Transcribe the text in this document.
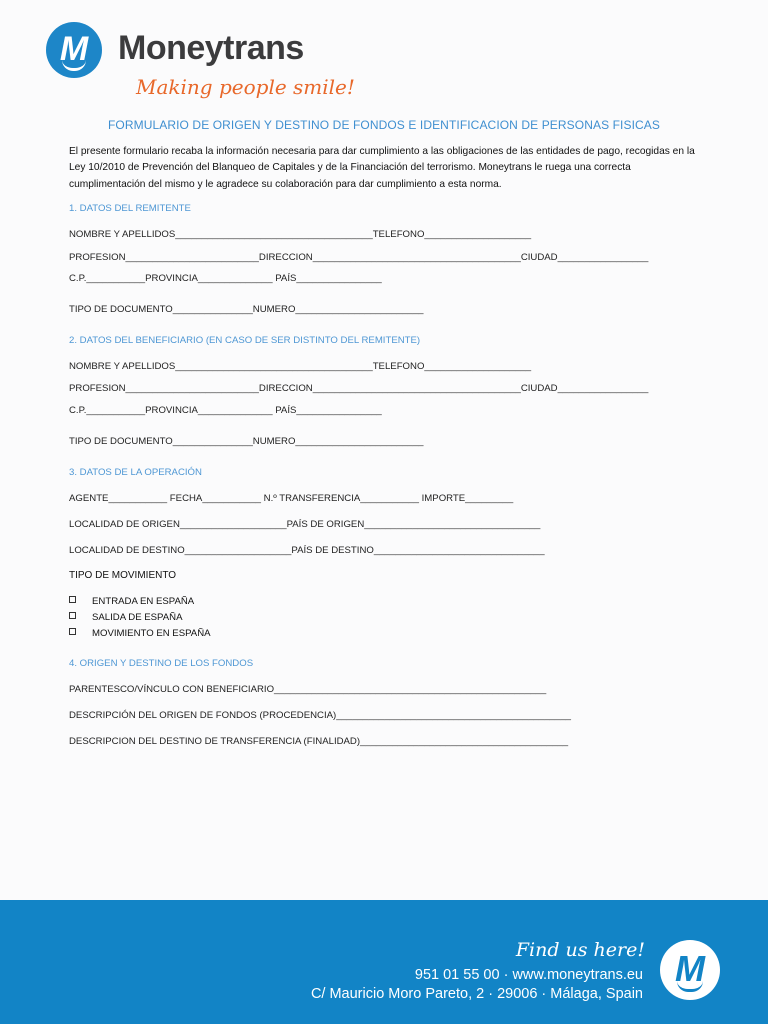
M Moneytrans
Making people smile!
FORMULARIO DE ORIGEN Y DESTINO DE FONDOS E IDENTIFICACION DE PERSONAS FISICAS
El presente formulario recaba la información necesaria para dar cumplimiento a las obligaciones de las entidades de pago, recogidas en la Ley 10/2010 de Prevención del Blanqueo de Capitales y de la Financiación del terrorismo. Moneytrans le ruega una correcta cumplimentación del mismo y le agradece su colaboración para dar cumplimiento a esta norma.
1. DATOS DEL REMITENTE
NOMBRE Y APELLIDOS_____________________________________TELEFONO____________________
PROFESION_________________________DIRECCION_______________________________________CIUDAD_________________
C.P.___________PROVINCIA______________ PAÍS________________
TIPO DE DOCUMENTO_______________NUMERO________________________
2. DATOS DEL BENEFICIARIO (EN CASO DE SER DISTINTO DEL REMITENTE)
NOMBRE Y APELLIDOS_____________________________________TELEFONO____________________
PROFESION_________________________DIRECCION_______________________________________CIUDAD_________________
C.P.___________PROVINCIA______________ PAÍS________________
TIPO DE DOCUMENTO_______________NUMERO________________________
3. DATOS DE LA OPERACIÓN
AGENTE___________ FECHA___________ N.º TRANSFERENCIA___________ IMPORTE_________
LOCALIDAD DE ORIGEN____________________PAÍS DE ORIGEN_________________________________
LOCALIDAD DE DESTINO____________________PAÍS DE DESTINO________________________________
TIPO DE MOVIMIENTO
ENTRADA EN ESPAÑA
SALIDA DE ESPAÑA
MOVIMIENTO EN ESPAÑA
4. ORIGEN Y DESTINO DE LOS FONDOS
PARENTESCO/VÍNCULO CON BENEFICIARIO___________________________________________________
DESCRIPCIÓN DEL ORIGEN DE FONDOS (PROCEDENCIA)____________________________________________
DESCRIPCION DEL DESTINO DE TRANSFERENCIA (FINALIDAD)_______________________________________
Find us here!
951 01 55 00 · www.moneytrans.eu
C/ Mauricio Moro Pareto, 2 · 29006 · Málaga, Spain
M
